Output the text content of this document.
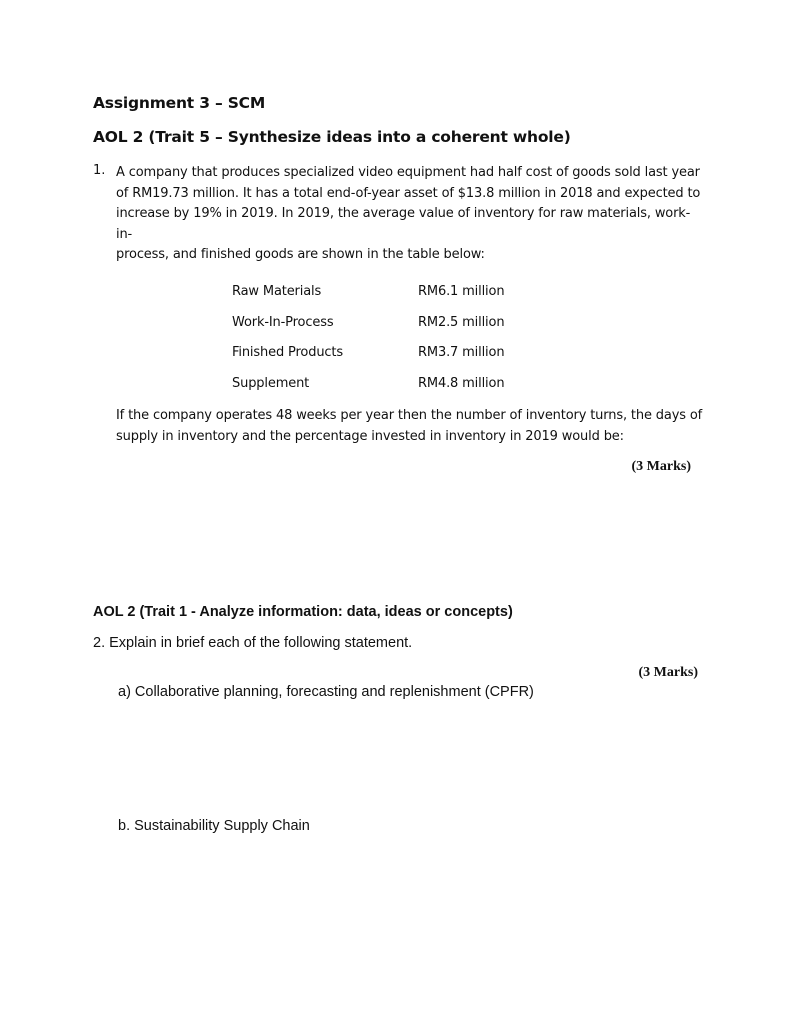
Assignment 3 – SCM
AOL 2 (Trait 5 – Synthesize ideas into a coherent whole)
1. A company that produces specialized video equipment had half cost of goods sold last year
of RM19.73 million. It has a total end-of-year asset of $13.8 million in 2018 and expected to
increase by 19% in 2019. In 2019, the average value of inventory for raw materials, work-in-
process, and finished goods are shown in the table below:
Raw Materials	RM6.1 million
Work-In-Process	RM2.5 million
Finished Products	RM3.7 million
Supplement	RM4.8 million
If the company operates 48 weeks per year then the number of inventory turns, the days of
supply in inventory and the percentage invested in inventory in 2019 would be:
(3 Marks)
AOL 2 (Trait 1 - Analyze information: data, ideas or concepts)
2. Explain in brief each of the following statement.
(3 Marks)
a) Collaborative planning, forecasting and replenishment (CPFR)
b. Sustainability Supply Chain
